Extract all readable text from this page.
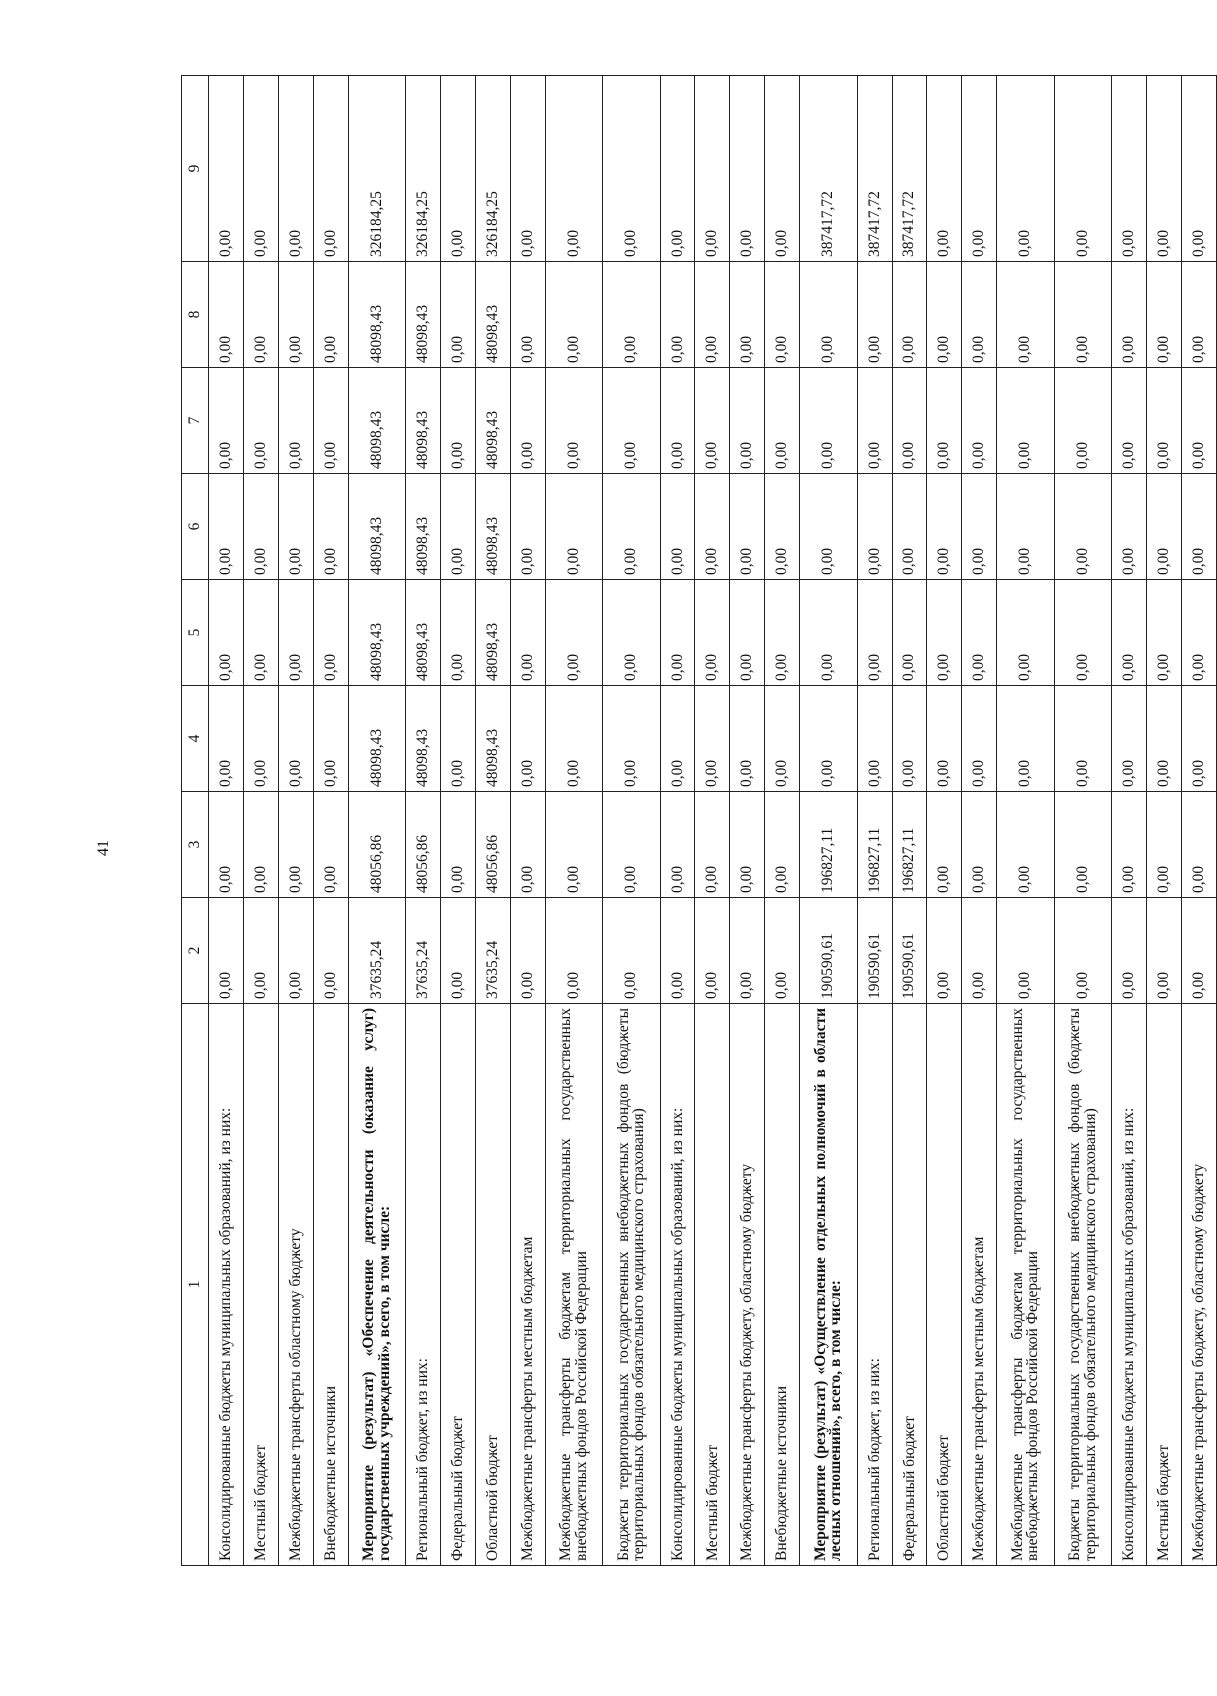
41
1	2	3	4	5	6	7	8	9
Консолидированные бюджеты муниципальных образований, из них:	0,00	0,00	0,00	0,00	0,00	0,00	0,00	0,00
Местный бюджет	0,00	0,00	0,00	0,00	0,00	0,00	0,00	0,00
Межбюджетные трансферты областному бюджету	0,00	0,00	0,00	0,00	0,00	0,00	0,00	0,00
Внебюджетные источники	0,00	0,00	0,00	0,00	0,00	0,00	0,00	0,00
Мероприятие (результат) «Обеспечение деятельности (оказание услуг) государственных учреждений», всего, в том числе:	37635,24	48056,86	48098,43	48098,43	48098,43	48098,43	48098,43	326184,25
Региональный бюджет, из них:	37635,24	48056,86	48098,43	48098,43	48098,43	48098,43	48098,43	326184,25
Федеральный бюджет	0,00	0,00	0,00	0,00	0,00	0,00	0,00	0,00
Областной бюджет	37635,24	48056,86	48098,43	48098,43	48098,43	48098,43	48098,43	326184,25
Межбюджетные трансферты местным бюджетам	0,00	0,00	0,00	0,00	0,00	0,00	0,00	0,00
Межбюджетные трансферты бюджетам территориальных государственных внебюджетных фондов Российской Федерации	0,00	0,00	0,00	0,00	0,00	0,00	0,00	0,00
Бюджеты территориальных государственных внебюджетных фондов (бюджеты территориальных фондов обязательного медицинского страхования)	0,00	0,00	0,00	0,00	0,00	0,00	0,00	0,00
Консолидированные бюджеты муниципальных образований, из них:	0,00	0,00	0,00	0,00	0,00	0,00	0,00	0,00
Местный бюджет	0,00	0,00	0,00	0,00	0,00	0,00	0,00	0,00
Межбюджетные трансферты бюджету, областному бюджету	0,00	0,00	0,00	0,00	0,00	0,00	0,00	0,00
Внебюджетные источники	0,00	0,00	0,00	0,00	0,00	0,00	0,00	0,00
Мероприятие (результат) «Осуществление отдельных полномочий в области лесных отношений», всего, в том числе:	190590,61	196827,11	0,00	0,00	0,00	0,00	0,00	387417,72
Региональный бюджет, из них:	190590,61	196827,11	0,00	0,00	0,00	0,00	0,00	387417,72
Федеральный бюджет	190590,61	196827,11	0,00	0,00	0,00	0,00	0,00	387417,72
Областной бюджет	0,00	0,00	0,00	0,00	0,00	0,00	0,00	0,00
Межбюджетные трансферты местным бюджетам	0,00	0,00	0,00	0,00	0,00	0,00	0,00	0,00
Межбюджетные трансферты бюджетам территориальных государственных внебюджетных фондов Российской Федерации	0,00	0,00	0,00	0,00	0,00	0,00	0,00	0,00
Бюджеты территориальных государственных внебюджетных фондов (бюджеты территориальных фондов обязательного медицинского страхования)	0,00	0,00	0,00	0,00	0,00	0,00	0,00	0,00
Консолидированные бюджеты муниципальных образований, из них:	0,00	0,00	0,00	0,00	0,00	0,00	0,00	0,00
Местный бюджет	0,00	0,00	0,00	0,00	0,00	0,00	0,00	0,00
Межбюджетные трансферты бюджету, областному бюджету	0,00	0,00	0,00	0,00	0,00	0,00	0,00	0,00
